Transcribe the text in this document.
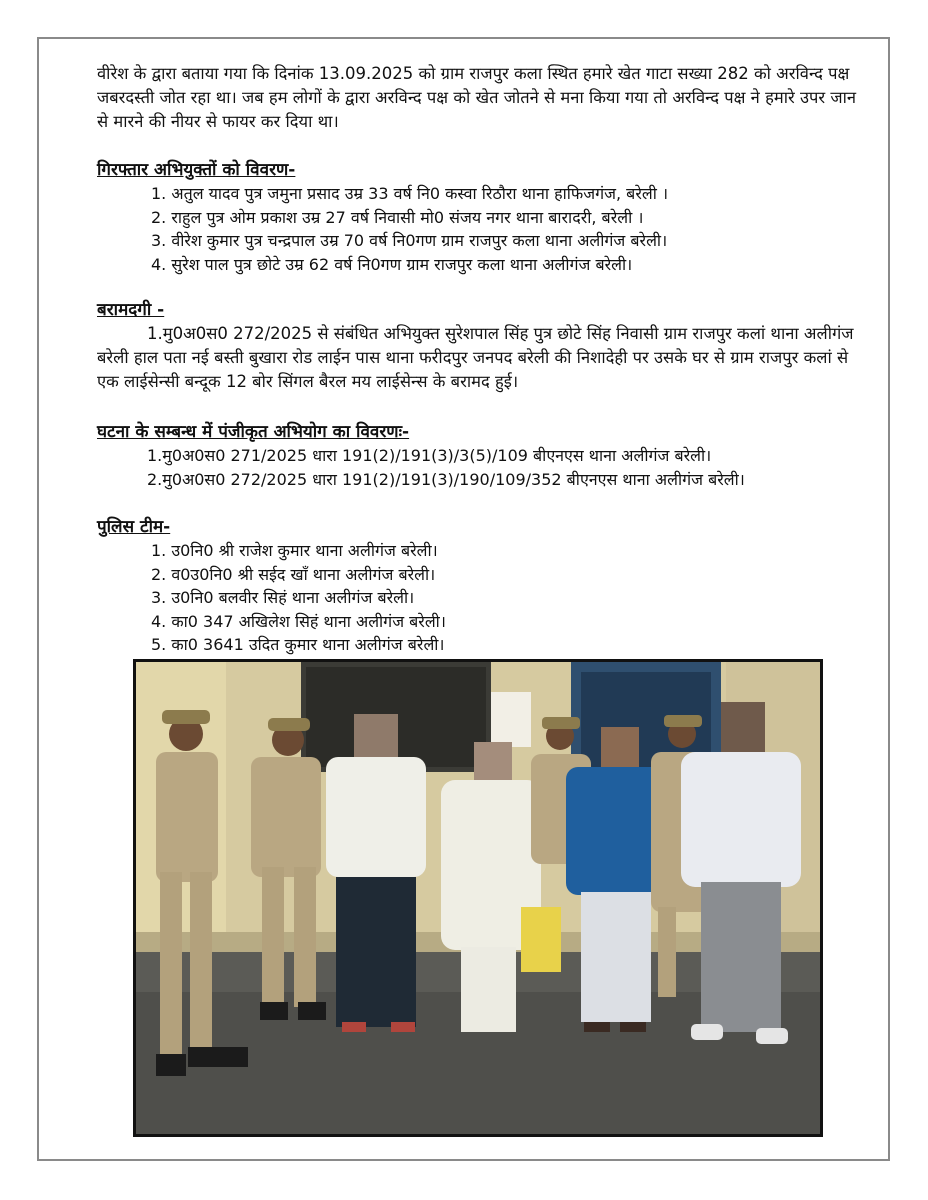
वीरेश के द्वारा बताया गया कि दिनांक 13.09.2025 को ग्राम राजपुर कला स्थित हमारे खेत गाटा सख्या 282 को अरविन्द पक्ष जबरदस्ती जोत रहा था। जब हम लोगों के द्वारा अरविन्द पक्ष को खेत जोतने से मना किया गया तो अरविन्द पक्ष ने हमारे उपर जान से मारने की नीयर से फायर कर दिया था।

गिरफ्तार अभियुक्तों को विवरण-

1. अतुल यादव पुत्र जमुना प्रसाद उम्र 33 वर्ष नि0 कस्वा रिठौरा थाना हाफिजगंज, बरेली ।
2. राहुल पुत्र ओम प्रकाश उम्र 27 वर्ष निवासी मो0 संजय नगर थाना बारादरी, बरेली ।
3. वीरेश कुमार पुत्र चन्द्रपाल उम्र 70 वर्ष नि0गण ग्राम राजपुर कला थाना अलीगंज बरेली।
4. सुरेश पाल पुत्र छोटे उम्र 62 वर्ष नि0गण ग्राम राजपुर कला थाना अलीगंज बरेली।

बरामदगी -

1.मु0अ0स0 272/2025 से संबंधित अभियुक्त सुरेशपाल सिंह पुत्र छोटे सिंह निवासी ग्राम राजपुर कलां थाना अलीगंज बरेली हाल पता नई बस्ती बुखारा रोड लाईन पास थाना फरीदपुर जनपद बरेली की निशादेही पर उसके घर से ग्राम राजपुर कलां से एक लाईसेन्सी बन्दूक 12 बोर सिंगल बैरल मय लाईसेन्स के बरामद हुई।

घटना के सम्बन्ध में पंजीकृत अभियोग का विवरणः-

1.मु0अ0स0 271/2025 धारा 191(2)/191(3)/3(5)/109 बीएनएस थाना अलीगंज बरेली।
2.मु0अ0स0 272/2025 धारा 191(2)/191(3)/190/109/352 बीएनएस थाना अलीगंज बरेली।

पुलिस टीम-

1. उ0नि0 श्री राजेश कुमार थाना अलीगंज बरेली।
2. व0उ0नि0 श्री सईद खाँ थाना अलीगंज बरेली।
3. उ0नि0 बलवीर सिहं थाना अलीगंज बरेली।
4. का0 347 अखिलेश सिहं थाना अलीगंज बरेली।
5. का0 3641 उदित कुमार थाना अलीगंज बरेली।
